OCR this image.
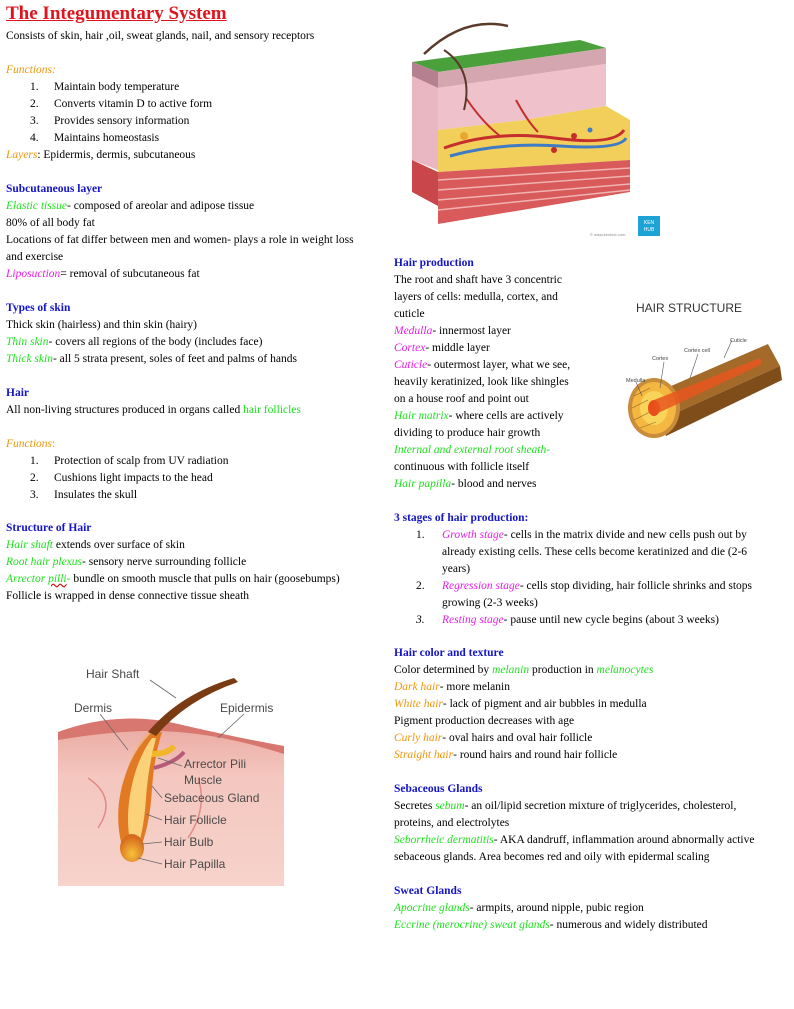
The Integumentary System
Consists of skin, hair ,oil, sweat glands, nail, and sensory receptors
Functions:
1.	Maintain body temperature
2.	Converts vitamin D to active form
3.	Provides sensory information
4.	Maintains homeostasis
Layers: Epidermis, dermis, subcutaneous
Subcutaneous layer
Elastic tissue- composed of areolar and adipose tissue
80% of all body fat
Locations of fat differ between men and women- plays a role in weight loss and exercise
Liposuction= removal of subcutaneous fat
Types of skin
Thick skin (hairless) and thin skin (hairy)
Thin skin- covers all regions of the body (includes face)
Thick skin- all 5 strata present, soles of feet and palms of hands
Hair
All non-living structures produced in organs called hair follicles
Functions:
1.	Protection of scalp from UV radiation
2.	Cushions light impacts to the head
3.	Insulates the skull
Structure of Hair
Hair shaft extends over surface of skin
Root hair plexus- sensory nerve surrounding follicle
Arrector pilli- bundle on smooth muscle that pulls on hair (goosebumps)
Follicle is wrapped in dense connective tissue sheath
Hair Shaft
Dermis	Epidermis
Arrector Pili
Muscle
Sebaceous Gland
Hair Follicle
Hair Bulb
Hair Papilla
KEN
HUB
© www.kenhub.com
HAIR STRUCTURE
Cuticle
Cortex cell
Cortex
Medulla
Hair production
The root and shaft have 3 concentric
layers of cells: medulla, cortex, and
cuticle
Medulla- innermost layer
Cortex- middle layer
Cuticle- outermost layer, what we see,
heavily keratinized, look like shingles
on a house roof and point out
Hair matrix- where cells are actively
dividing to produce hair growth
Internal and external root sheath-
continuous with follicle itself
Hair papilla- blood and nerves
3 stages of hair production:
1. Growth stage- cells in the matrix divide and new cells push out by
already existing cells. These cells become keratinized and die (2-6
years)
2. Regression stage- cells stop dividing, hair follicle shrinks and stops
growing (2-3 weeks)
3. Resting stage- pause until new cycle begins (about 3 weeks)
Hair color and texture
Color determined by melanin production in melanocytes
Dark hair- more melanin
White hair- lack of pigment and air bubbles in medulla
Pigment production decreases with age
Curly hair- oval hairs and oval hair follicle
Straight hair- round hairs and round hair follicle
Sebaceous Glands
Secretes sebum- an oil/lipid secretion mixture of triglycerides, cholesterol,
proteins, and electrolytes
Seborrheic dermatitis- AKA dandruff, inflammation around abnormally active
sebaceous glands. Area becomes red and oily with epidermal scaling
Sweat Glands
Apocrine glands- armpits, around nipple, pubic region
Eccrine (merocrine) sweat glands- numerous and widely distributed
